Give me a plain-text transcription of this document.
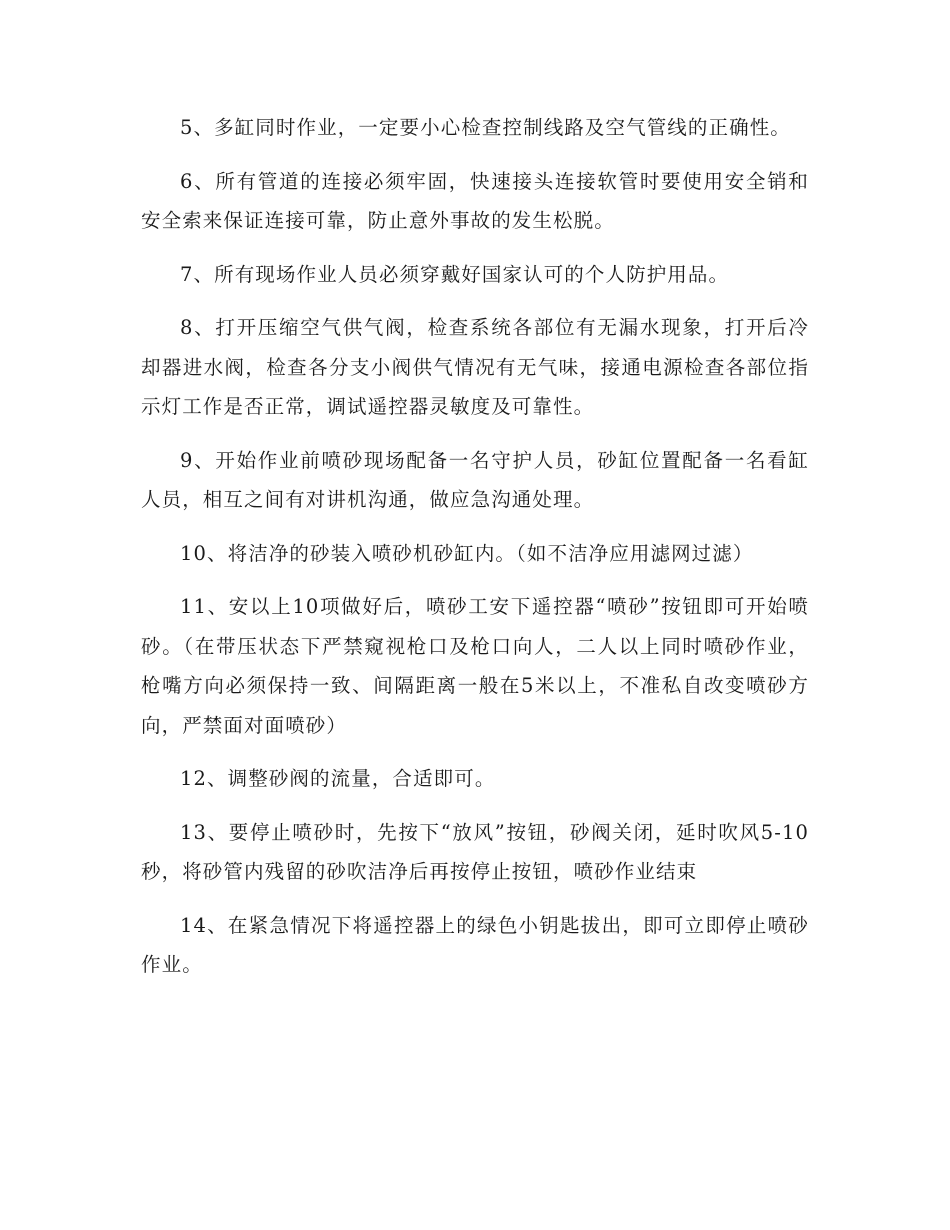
5、多缸同时作业，一定要小心检查控制线路及空气管线的正确性。

6、所有管道的连接必须牢固，快速接头连接软管时要使用安全销和安全索来保证连接可靠，防止意外事故的发生松脱。

7、所有现场作业人员必须穿戴好国家认可的个人防护用品。

8、打开压缩空气供气阀，检查系统各部位有无漏水现象，打开后冷却器进水阀，检查各分支小阀供气情况有无气味，接通电源检查各部位指示灯工作是否正常，调试遥控器灵敏度及可靠性。

9、开始作业前喷砂现场配备一名守护人员，砂缸位置配备一名看缸人员，相互之间有对讲机沟通，做应急沟通处理。

10、将洁净的砂装入喷砂机砂缸内。（如不洁净应用滤网过滤）

11、安以上10项做好后，喷砂工安下遥控器“喷砂”按钮即可开始喷砂。（在带压状态下严禁窥视枪口及枪口向人，二人以上同时喷砂作业，枪嘴方向必须保持一致、间隔距离一般在5米以上，不准私自改变喷砂方向，严禁面对面喷砂）

12、调整砂阀的流量，合适即可。

13、要停止喷砂时，先按下“放风”按钮，砂阀关闭，延时吹风5-10秒，将砂管内残留的砂吹洁净后再按停止按钮，喷砂作业结束

14、在紧急情况下将遥控器上的绿色小钥匙拔出，即可立即停止喷砂作业。
